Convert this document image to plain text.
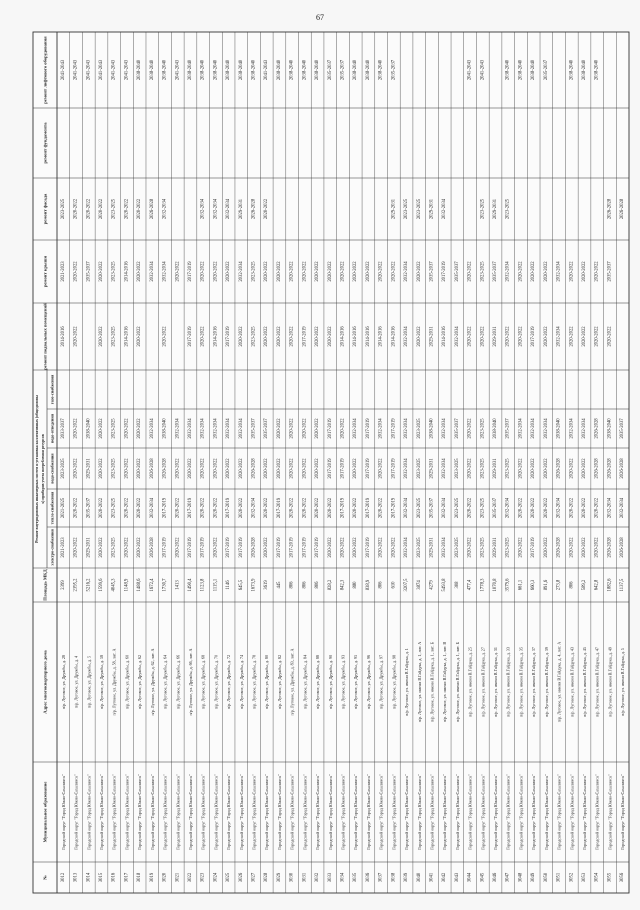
67
№
Муниципальное образование
Адрес многоквартирного дома
Площадь МКД
электро-снабжения
тепло-снабжения
водо-снабжения
водо-отведения
газо-снабжения
ремонт подвальных помещений
ремонт крыши
ремонт фасада
ремонт фундамента
ремонт лифтового оборудования
Ремонт внутридомовых инженерных систем и установка коллективных (общедомовы х) приборов учета потребления ресурсов
3012
Городской округ "Город Южно-Сахалинск"
п/р. Луговое, ул. Дружбы, д. 28
2399
2021-2023
2021-2025
2023-2025
2033-2037
2014-2016
2021-2023
2023-2025
2041-2043
3013
Городской округ "Город Южно-Сахалинск"
п/р. Луговое, ул. Дружбы, д. 4
2395,2
2020-2022
2020-2022
2020-2022
2020-2022
2020-2022
2020-2022
2020-2022
2041-2043
3014
Городской округ "Город Южно-Сахалинск"
п/р. Луговое, ул. Дружбы, д. 5
5216,2
2029-2031
2035-2037
2029-2031
2038-2040
2035-2037
2020-2022
2041-2043
3015
Городской округ "Город Южно-Сахалинск"
п/р. Луговое, ул. Дружбы, д. 58
1599,6
2020-2022
2020-2022
2020-2022
2020-2022
2020-2022
2020-2022
2020-2022
2041-2043
3016
Городской округ "Город Южно-Сахалинск"
п/р. Луговое, ул. Дружбы, д. 58, лит. А
4045,3
2023-2025
2023-2025
2023-2025
2023-2025
2023-2025
2023-2025
2023-2025
2041-2043
3017
Городской округ "Город Южно-Сахалинск"
п/р. Луговое, ул. Дружбы, д. 60
1148,9
2020-2022
2020-2022
2020-2022
2020-2022
2014-2016
2014-2016
2020-2022
2041-2043
3018
Городской округ "Город Южно-Сахалинск"
п/р. Луговое, ул. Дружбы, д. 62
1488,6
2020-2022
2020-2022
2020-2022
2020-2022
2020-2022
2020-2022
2020-2022
2038-2040
3019
Городской округ "Город Южно-Сахалинск"
п/р. Луговое, ул. Дружбы, д. 62, лит. А
1672,4
2026-2028
2032-2034
2026-2028
2032-2034
2032-2034
2026-2028
2038-2040
3020
Городской округ "Город Южно-Сахалинск"
п/р. Луговое, ул. Дружбы, д. 64
1730,7
2017-2019
2017-2019
2026-2028
2038-2040
2020-2022
2032-2034
2032-2034
2038-2040
3021
Городской округ "Город Южно-Сахалинск"
п/р. Луговое, ул. Дружбы, д. 66
1413
2020-2022
2020-2022
2020-2022
2032-2034
2020-2022
2041-2043
3022
Городской округ "Город Южно-Сахалинск"
п/р. Луговое, ул. Дружбы, д. 66, лит. А
1490,4
2017-2019
2017-2019
2020-2022
2032-2034
2017-2019
2017-2019
2038-2040
3023
Городской округ "Город Южно-Сахалинск"
п/р. Луговое, ул. Дружбы, д. 68
1123,8
2017-2019
2020-2022
2020-2022
2032-2034
2020-2022
2020-2022
2032-2034
2038-2040
3024
Городской округ "Город Южно-Сахалинск"
п/р. Луговое, ул. Дружбы, д. 70
1115,1
2020-2022
2020-2022
2020-2022
2032-2034
2014-2016
2020-2022
2032-2034
2038-2040
3025
Городской округ "Город Южно-Сахалинск"
п/р. Луговое, ул. Дружбы, д. 72
1146
2017-2019
2017-2019
2020-2022
2032-2034
2017-2019
2020-2022
2032-2034
2038-2040
3026
Городской округ "Город Южно-Сахалинск"
п/р. Луговое, ул. Дружбы, д. 74
645,5
2017-2019
2020-2022
2020-2022
2032-2034
2020-2022
2032-2034
2029-2031
2038-2040
3027
Городской округ "Город Южно-Сахалинск"
п/р. Луговое, ул. Дружбы, д. 78
1673,9
2026-2028
2032-2034
2026-2028
2035-2037
2023-2025
2023-2025
2026-2028
2038-2040
3028
Городской округ "Город Южно-Сахалинск"
п/р. Луговое, ул. Дружбы, д. 80
3619
2020-2022
2020-2022
2020-2022
2035-2037
2020-2022
2020-2022
2020-2022
2041-2043
3029
Городской округ "Город Южно-Сахалинск"
п/р. Луговое, ул. Дружбы, д. 82
445
2017-2019
2017-2019
2020-2022
2020-2022
2020-2022
2020-2022
2038-2040
3030
Городской округ "Город Южно-Сахалинск"
п/р. Луговое, ул. Дружбы, д. 83, лит. А
806
2017-2019
2020-2022
2020-2022
2020-2022
2020-2022
2020-2022
2038-2040
3031
Городской округ "Город Южно-Сахалинск"
п/р. Луговое, ул. Дружбы, д. 84
806
2017-2019
2020-2022
2020-2022
2020-2022
2017-2019
2020-2022
2038-2040
3032
Городской округ "Город Южно-Сахалинск"
п/р. Луговое, ул. Дружбы, д. 88
806
2017-2019
2020-2022
2020-2022
2020-2022
2020-2022
2020-2022
2038-2040
3033
Городской округ "Город Южно-Сахалинск"
п/р. Луговое, ул. Дружбы, д. 90
828,2
2020-2022
2020-2022
2017-2019
2017-2019
2020-2022
2020-2022
2035-2037
3034
Городской округ "Город Южно-Сахалинск"
п/р. Луговое, ул. Дружбы, д. 93
842,3
2020-2022
2017-2019
2017-2019
2020-2022
2014-2016
2020-2022
2035-2037
3035
Городской округ "Город Южно-Сахалинск"
п/р. Луговое, ул. Дружбы, д. 95
880
2020-2022
2020-2022
2020-2022
2032-2034
2014-2016
2020-2022
2038-2040
3036
Городской округ "Город Южно-Сахалинск"
п/р. Луговое, ул. Дружбы, д. 96
838,9
2017-2019
2017-2019
2017-2019
2017-2019
2014-2016
2020-2022
2038-2040
3037
Городской округ "Город Южно-Сахалинск"
п/р. Луговое, ул. Дружбы, д. 97
806
2020-2022
2020-2022
2020-2022
2032-2034
2014-2016
2020-2022
2038-2040
3038
Городской округ "Город Южно-Сахалинск"
п/р. Луговое, ул. Дружбы, д. 98
610
2020-2022
2017-2019
2017-2019
2017-2019
2014-2016
2020-2022
2029-2031
2035-2037
3039
Городской округ "Город Южно-Сахалинск"
п/р. Луговое, ул. имени В.Гайдука, д. 1
3207,5
2032-2034
2032-2034
2032-2034
2032-2034
2032-2034
2032-2034
2023-2025
3040
Городской округ "Город Южно-Сахалинск"
п/р. Луговое, ул. имени В.Гайдука, д. 1, лит. А
3874
2023-2025
2023-2025
2023-2025
2023-2025
2020-2022
2020-2022
2023-2025
3041
Городской округ "Город Южно-Сахалинск"
п/р. Луговое, ул. имени В.Гайдука, д. 1, лит. Б
4279
2029-2031
2035-2037
2029-2031
2038-2040
2029-2031
2035-2037
2029-2031
3042
Городской округ "Город Южно-Сахалинск"
п/р. Луговое, ул. имени В.Гайдука, д. 1, лит. В
5493,8
2032-2034
2032-2034
2032-2034
2032-2034
2014-2016
2017-2019
2032-2034
3043
Городской округ "Город Южно-Сахалинск"
п/р. Луговое, ул. имени В.Гайдука, д. 1, лит. Б
308
2023-2025
2023-2025
2023-2025
2035-2037
2032-2034
2035-2037
3044
Городской округ "Город Южно-Сахалинск"
п/р. Луговое, ул. имени В.Гайдука, д. 25
477,4
2020-2022
2020-2022
2020-2022
2020-2022
2020-2022
2020-2022
2041-2043
3045
Городской округ "Город Южно-Сахалинск"
п/р. Луговое, ул. имени В.Гайдука, д. 27
1778,3
2023-2025
2023-2025
2023-2025
2023-2025
2020-2022
2023-2025
2023-2025
2041-2043
3046
Городской округ "Город Южно-Сахалинск"
п/р. Луговое, ул. имени В.Гайдука, д. 31
1070,8
2029-2031
2035-2037
2029-2031
2038-2040
2029-2031
2035-2037
2029-2031
3047
Городской округ "Город Южно-Сахалинск"
п/р. Луговое, ул. имени В.Гайдука, д. 33
3579,6
2023-2025
2032-2034
2023-2025
2035-2037
2020-2022
2032-2034
2023-2025
2038-2040
3048
Городской округ "Город Южно-Сахалинск"
п/р. Луговое, ул. имени В.Гайдука, д. 35
661,1
2020-2022
2020-2022
2020-2022
2032-2034
2020-2022
2020-2022
2038-2040
3049
Городской округ "Город Южно-Сахалинск"
п/р. Луговое, ул. имени В.Гайдука, д. 37
660,3
2017-2019
2020-2022
2020-2022
2032-2034
2017-2019
2020-2022
2038-2040
3050
Городской округ "Город Южно-Сахалинск"
п/р. Луговое, ул. имени В.Гайдука, д. 39
891,6
2020-2022
2020-2022
2020-2022
2032-2034
2020-2022
2020-2022
2035-2037
3051
Городской округ "Город Южно-Сахалинск"
п/р. Луговое, ул. имени В.Гайдука, д. 4, лит. А
273,8
2026-2028
2032-2034
2026-2028
2038-2040
2032-2034
2032-2034
3052
Городской округ "Город Южно-Сахалинск"
п/р. Луговое, ул. имени В.Гайдука, д. 43
806
2020-2022
2020-2022
2020-2022
2032-2034
2020-2022
2020-2022
2038-2040
3053
Городской округ "Город Южно-Сахалинск"
п/р. Луговое, ул. имени В.Гайдука, д. 45
589,2
2020-2022
2020-2022
2020-2022
2032-2034
2020-2022
2020-2022
2038-2040
3054
Городской округ "Город Южно-Сахалинск"
п/р. Луговое, ул. имени В.Гайдука, д. 47
642,8
2020-2022
2020-2022
2026-2028
2026-2028
2020-2022
2020-2022
2038-2040
3055
Городской округ "Город Южно-Сахалинск"
п/р. Луговое, ул. имени В.Гайдука, д. 49
1882,6
2026-2028
2032-2034
2026-2028
2038-2040
2020-2022
2035-2037
2026-2028
3056
Городской округ "Город Южно-Сахалинск"
п/р. Луговое, ул. имени В.Гайдука, д. 5
1137,5
2026-2028
2032-2034
2026-2028
2035-2037
2026-2028
